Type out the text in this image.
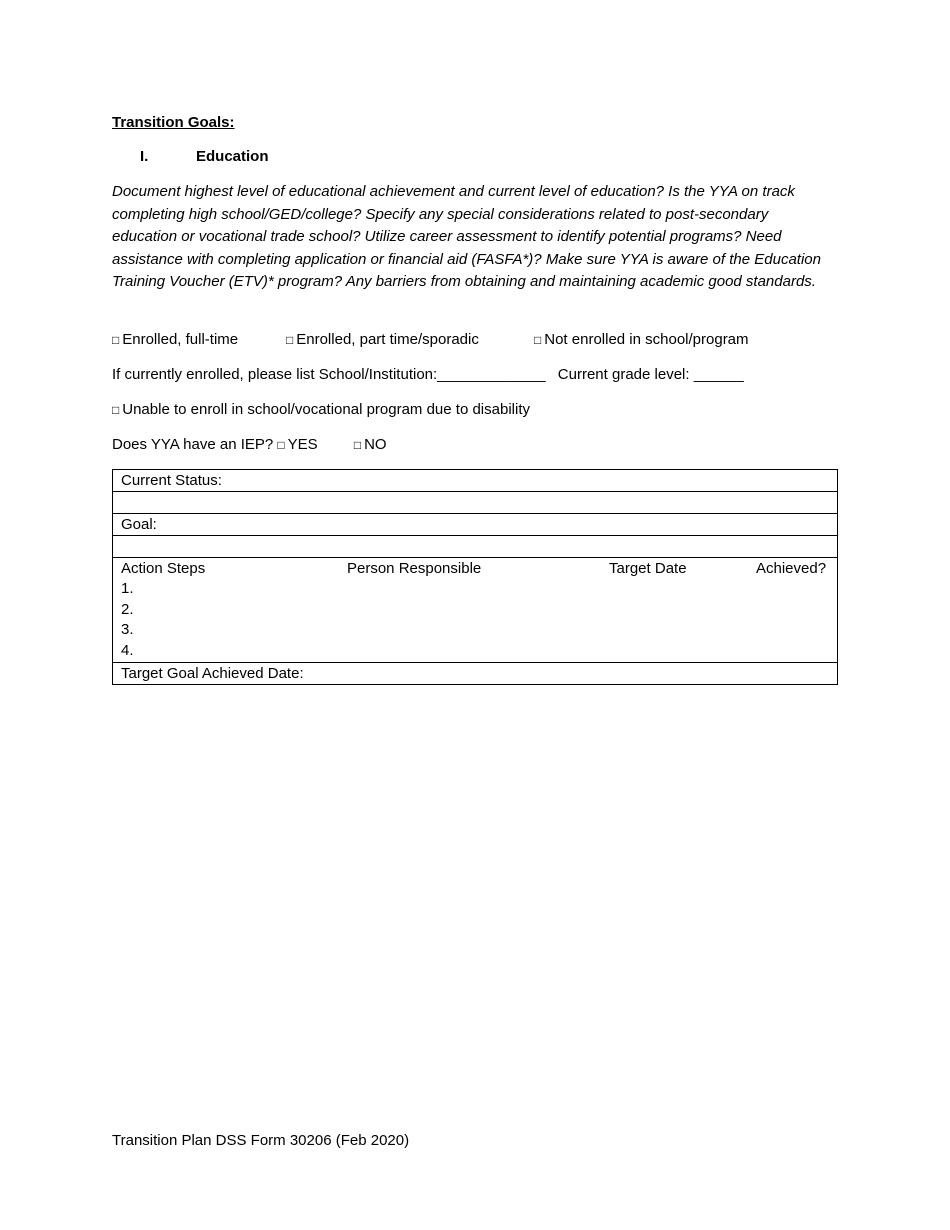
Transition Goals:
I.	Education
Document highest level of educational achievement and current level of education? Is the YYA on track completing high school/GED/college? Specify any special considerations related to post-secondary education or vocational trade school? Utilize career assessment to identify potential programs? Need assistance with completing application or financial aid (FASFA*)? Make sure YYA is aware of the Education Training Voucher (ETV)* program? Any barriers from obtaining and maintaining academic good standards.
□ Enrolled, full-time	□ Enrolled, part time/sporadic	□ Not enrolled in school/program
If currently enrolled, please list School/Institution:_____________ Current grade level: ______
□ Unable to enroll in school/vocational program due to disability
Does YYA have an IEP? □ YES	□ NO
Current Status:
Goal:
Action Steps	Person Responsible	Target Date	Achieved?
1.
2.
3.
4.
Target Goal Achieved Date:
Transition Plan DSS Form 30206 (Feb 2020)
